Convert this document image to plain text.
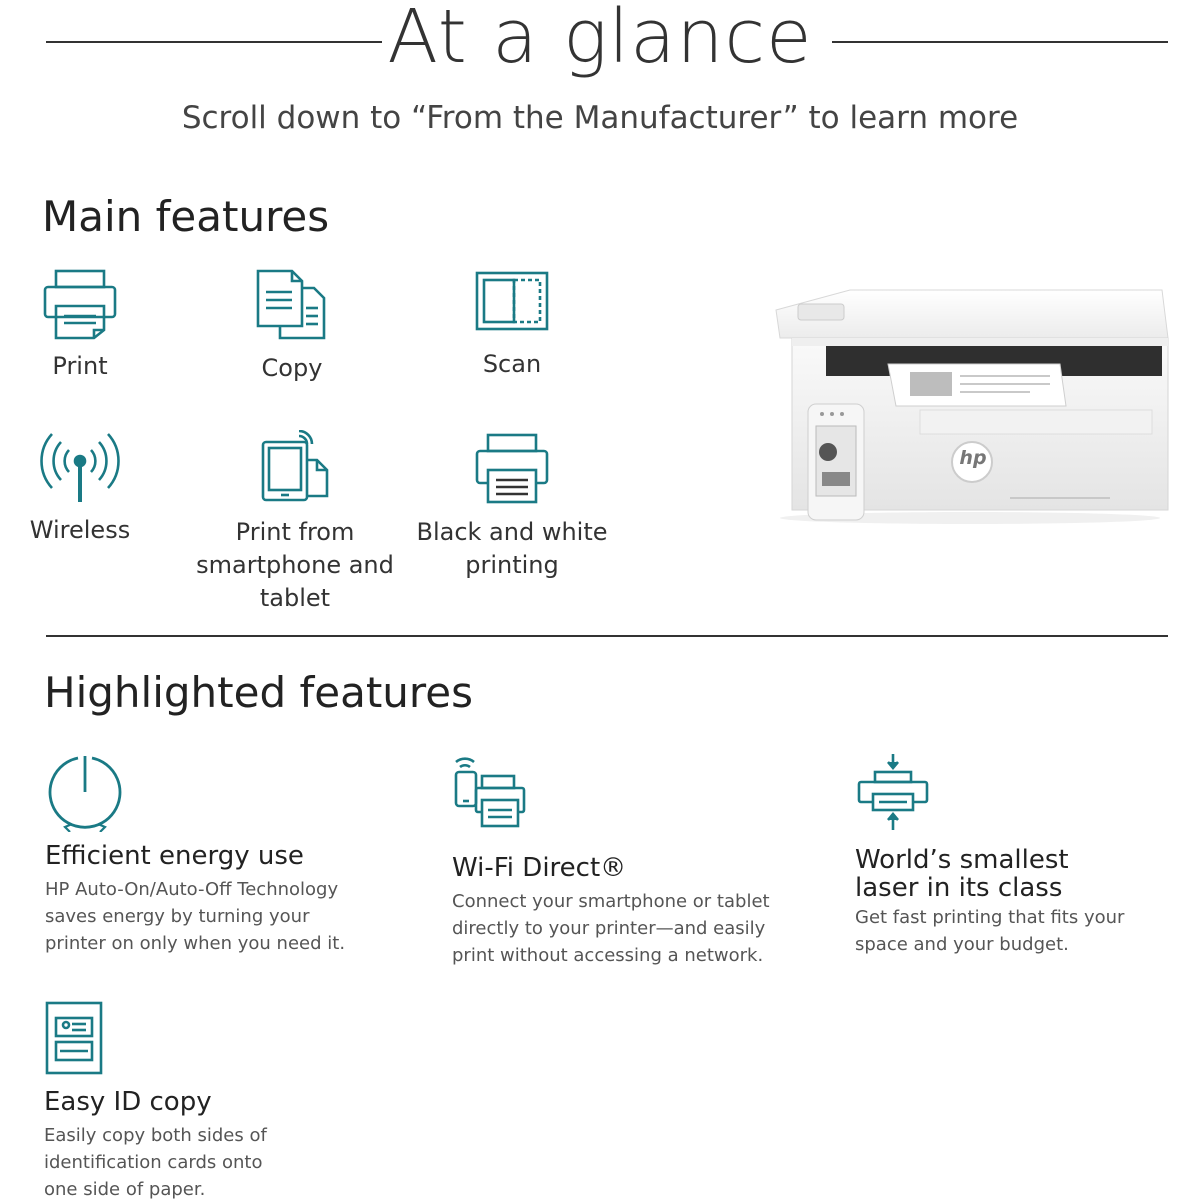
At a glance
Scroll down to “From the Manufacturer” to learn more
Main features
Print	Copy	Scan
Wireless	Print from smartphone and tablet
Black and white printing
hp
Highlighted features
Efficient energy use
HP Auto-On/Auto-Off Technology saves energy by turning your printer on only when you need it.
Wi-Fi Direct®
Connect your smartphone or tablet directly to your printer—and easily print without accessing a network.
World’s smallest laser in its class
Get fast printing that fits your space and your budget.
Easy ID copy
Easily copy both sides of identification cards onto one side of paper.
